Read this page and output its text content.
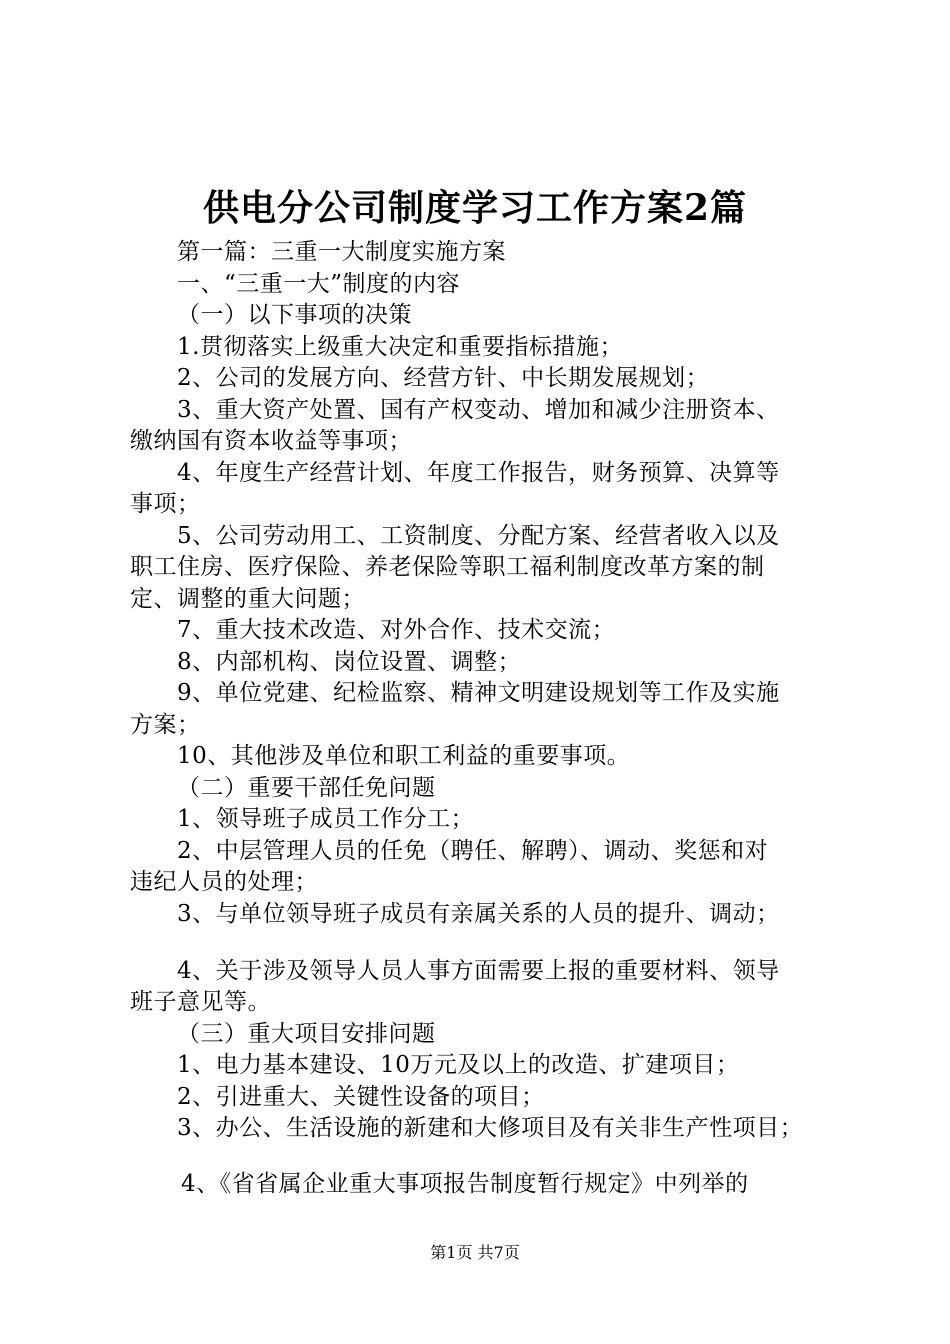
供电分公司制度学习工作方案2篇
第一篇：三重一大制度实施方案
一、“三重一大”制度的内容
（一）以下事项的决策
1.贯彻落实上级重大决定和重要指标措施；
2、公司的发展方向、经营方针、中长期发展规划；
3、重大资产处置、国有产权变动、增加和减少注册资本、
缴纳国有资本收益等事项；
4、年度生产经营计划、年度工作报告，财务预算、决算等
事项；
5、公司劳动用工、工资制度、分配方案、经营者收入以及
职工住房、医疗保险、养老保险等职工福利制度改革方案的制
定、调整的重大问题；
7、重大技术改造、对外合作、技术交流；
8、内部机构、岗位设置、调整；
9、单位党建、纪检监察、精神文明建设规划等工作及实施
方案；
10、其他涉及单位和职工利益的重要事项。
（二）重要干部任免问题
1、领导班子成员工作分工；
2、中层管理人员的任免（聘任、解聘）、调动、奖惩和对
违纪人员的处理；
3、与单位领导班子成员有亲属关系的人员的提升、调动；
4、关于涉及领导人员人事方面需要上报的重要材料、领导
班子意见等。
（三）重大项目安排问题
1、电力基本建设、10万元及以上的改造、扩建项目；
2、引进重大、关键性设备的项目；
3、办公、生活设施的新建和大修项目及有关非生产性项目；
4、《省省属企业重大事项报告制度暂行规定》中列举的
第1页 共7页
